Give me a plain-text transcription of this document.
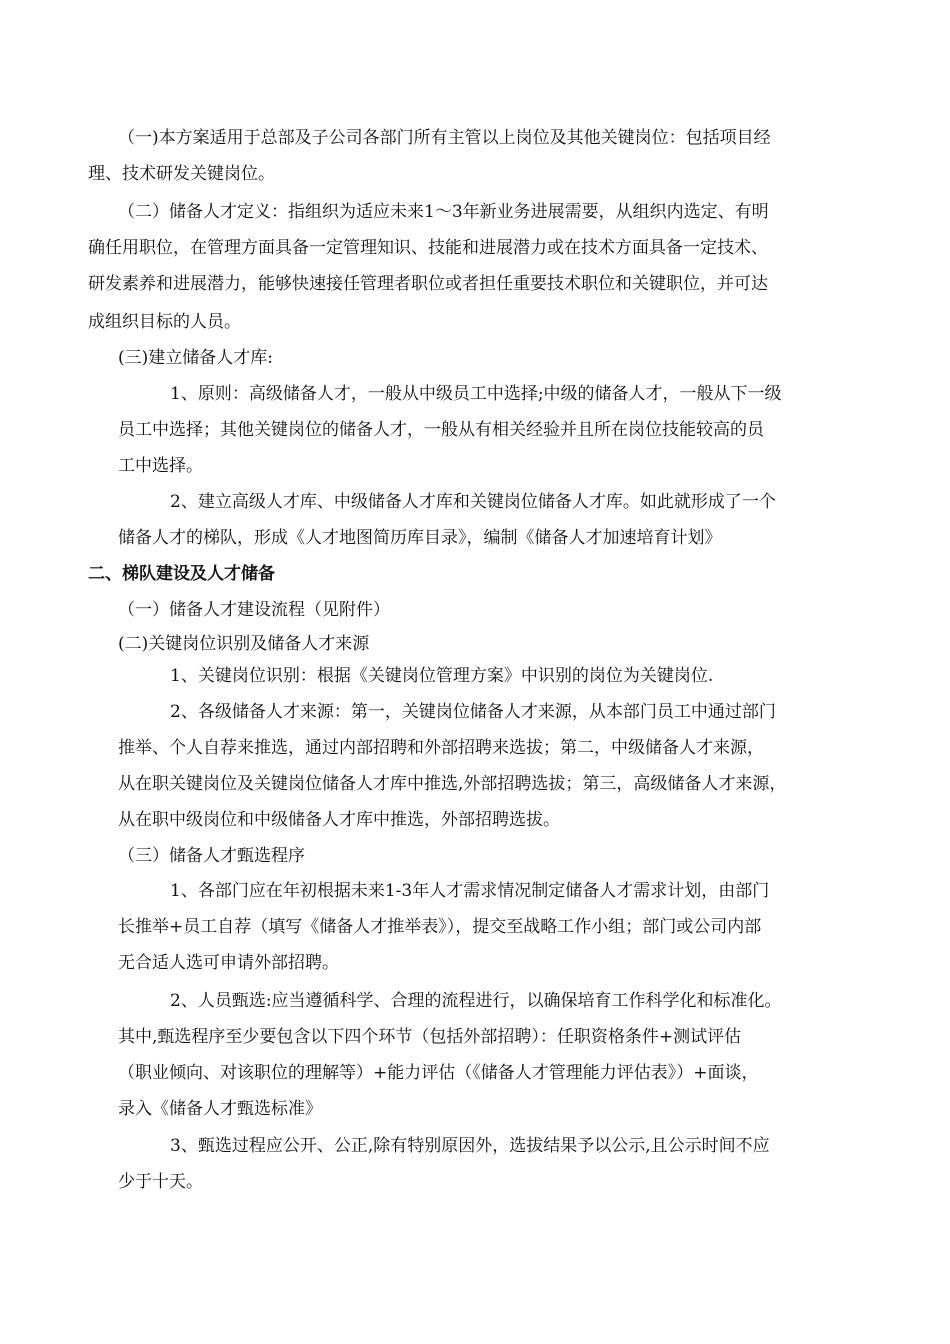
（一)本方案适用于总部及子公司各部门所有主管以上岗位及其他关键岗位：包括项目经
理、技术研发关键岗位。
（二）储备人才定义：指组织为适应未来1～3年新业务进展需要，从组织内选定、有明
确任用职位，在管理方面具备一定管理知识、技能和进展潜力或在技术方面具备一定技术、
研发素养和进展潜力，能够快速接任管理者职位或者担任重要技术职位和关键职位，并可达
成组织目标的人员。
(三)建立储备人才库:
1、原则：高级储备人才，一般从中级员工中选择;中级的储备人才，一般从下一级
员工中选择；其他关键岗位的储备人才，一般从有相关经验并且所在岗位技能较高的员
工中选择。
2、建立高级人才库、中级储备人才库和关键岗位储备人才库。如此就形成了一个
储备人才的梯队，形成《人才地图简历库目录》，编制《储备人才加速培育计划》
二、梯队建设及人才储备
（一）储备人才建设流程（见附件）
(二)关键岗位识别及储备人才来源
1、关键岗位识别：根据《关键岗位管理方案》中识别的岗位为关键岗位.
2、各级储备人才来源：第一，关键岗位储备人才来源，从本部门员工中通过部门
推举、个人自荐来推选，通过内部招聘和外部招聘来选拔；第二，中级储备人才来源，
从在职关键岗位及关键岗位储备人才库中推选,外部招聘选拔；第三，高级储备人才来源，
从在职中级岗位和中级储备人才库中推选，外部招聘选拔。
（三）储备人才甄选程序
1、各部门应在年初根据未来1-3年人才需求情况制定储备人才需求计划，由部门
长推举+员工自荐（填写《储备人才推举表》），提交至战略工作小组；部门或公司内部
无合适人选可申请外部招聘。
2、人员甄选:应当遵循科学、合理的流程进行，以确保培育工作科学化和标准化。
其中,甄选程序至少要包含以下四个环节（包括外部招聘）：任职资格条件+测试评估
（职业倾向、对该职位的理解等）+能力评估（《储备人才管理能力评估表》）+面谈，
录入《储备人才甄选标准》
3、甄选过程应公开、公正,除有特别原因外，选拔结果予以公示,且公示时间不应
少于十天。
